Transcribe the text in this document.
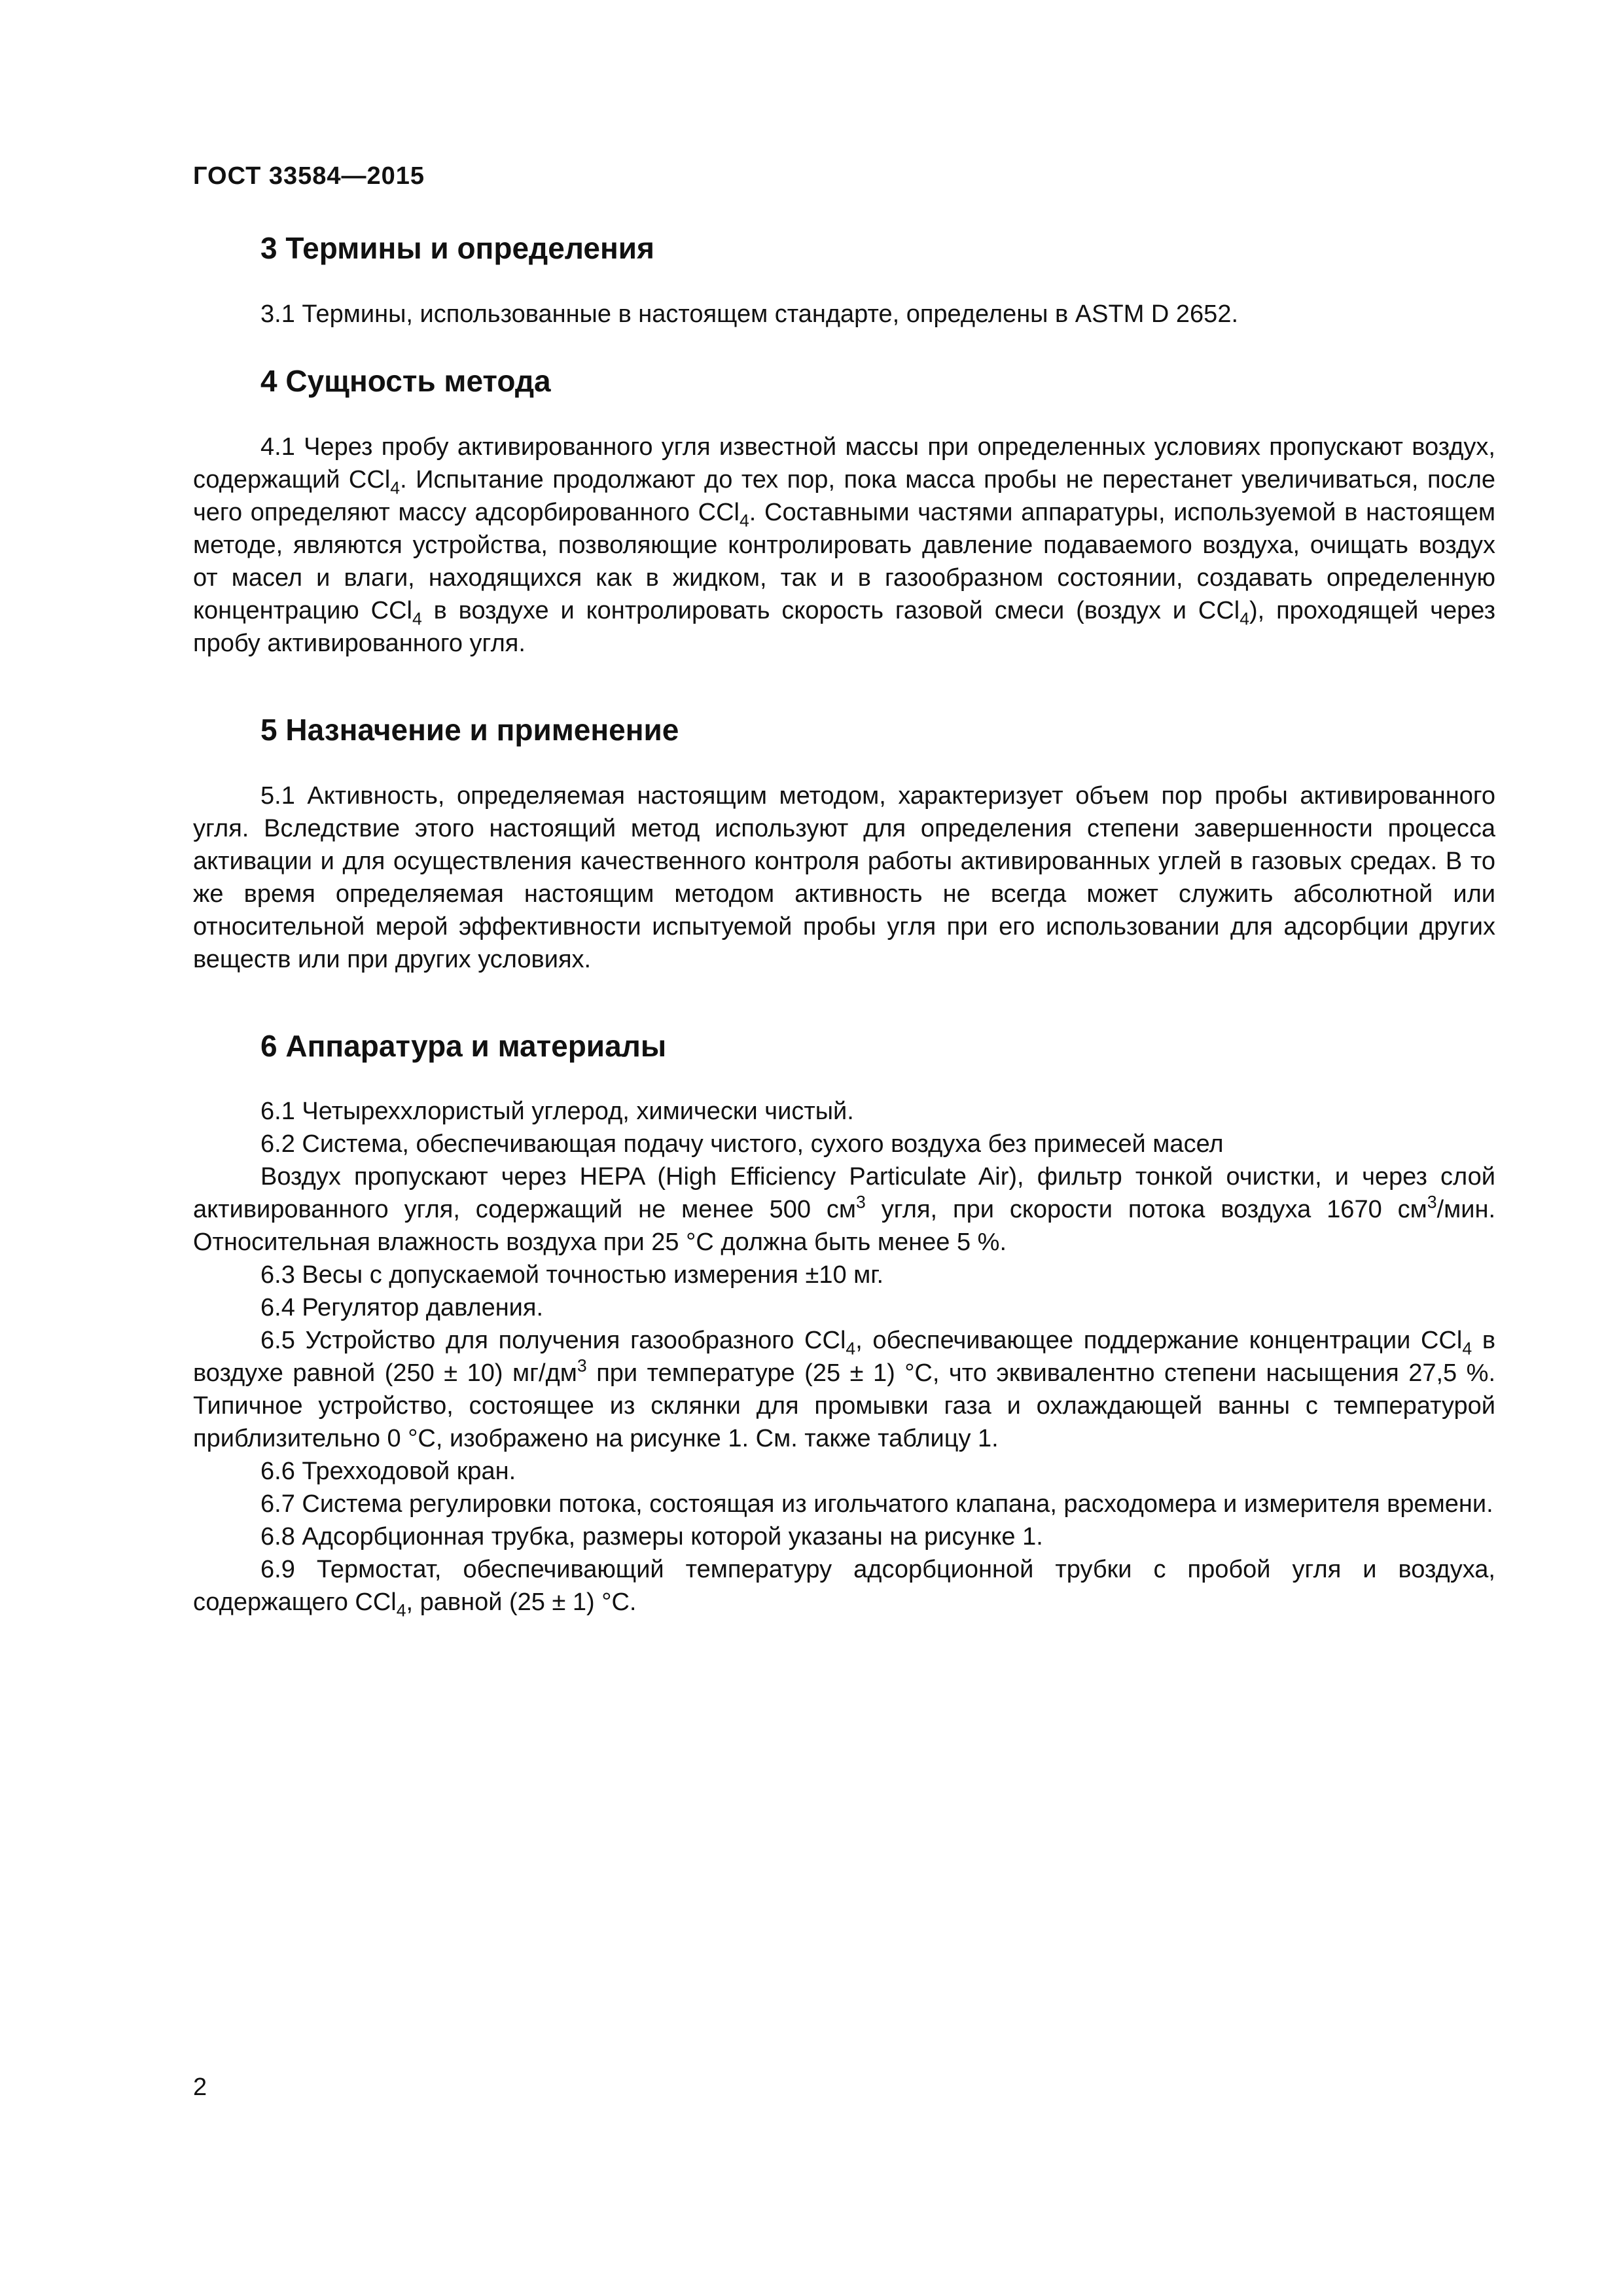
ГОСТ 33584—2015
3 Термины и определения

3.1 Термины, использованные в настоящем стандарте, определены в ASTM D 2652.

4 Сущность метода

4.1 Через пробу активированного угля известной массы при определенных условиях пропускают воздух, содержащий CCl$_4$. Испытание продолжают до тех пор, пока масса пробы не перестанет увеличиваться, после чего определяют массу адсорбированного CCl$_4$. Составными частями аппаратуры, используемой в настоящем методе, являются устройства, позволяющие контролировать давление подаваемого воздуха, очищать воздух от масел и влаги, находящихся как в жидком, так и в газообразном состоянии, создавать определенную концентрацию CCl$_4$ в воздухе и контролировать скорость газовой смеси (воздух и CCl$_4$), проходящей через пробу активированного угля.

5 Назначение и применение

5.1 Активность, определяемая настоящим методом, характеризует объем пор пробы активированного угля. Вследствие этого настоящий метод используют для определения степени завершенности процесса активации и для осуществления качественного контроля работы активированных углей в газовых средах. В то же время определяемая настоящим методом активность не всегда может служить абсолютной или относительной мерой эффективности испытуемой пробы угля при его использовании для адсорбции других веществ или при других условиях.

6 Аппаратура и материалы

6.1 Четыреххлористый углерод, химически чистый.

6.2 Система, обеспечивающая подачу чистого, сухого воздуха без примесей масел

Воздух пропускают через HEPA (High Efficiency Particulate Air), фильтр тонкой очистки, и через слой активированного угля, содержащий не менее 500 $см^3$ угля, при скорости потока воздуха 1670 $см^3$/мин. Относительная влажность воздуха при 25 °С должна быть менее 5 %.

6.3 Весы с допускаемой точностью измерения ±10 мг.

6.4 Регулятор давления.

6.5 Устройство для получения газообразного CCl$_4$, обеспечивающее поддержание концентрации CCl$_4$ в воздухе равной (250 ± 10) $мг/дм^3$ при температуре (25 ± 1) °С, что эквивалентно степени насыщения 27,5 %. Типичное устройство, состоящее из склянки для промывки газа и охлаждающей ванны с температурой приблизительно 0 °С, изображено на рисунке 1. См. также таблицу 1.

6.6 Трехходовой кран.

6.7 Система регулировки потока, состоящая из игольчатого клапана, расходомера и измерителя времени.

6.8 Адсорбционная трубка, размеры которой указаны на рисунке 1.

6.9 Термостат, обеспечивающий температуру адсорбционной трубки с пробой угля и воздуха, содержащего CCl$_4$, равной (25 ± 1) °С.

2
